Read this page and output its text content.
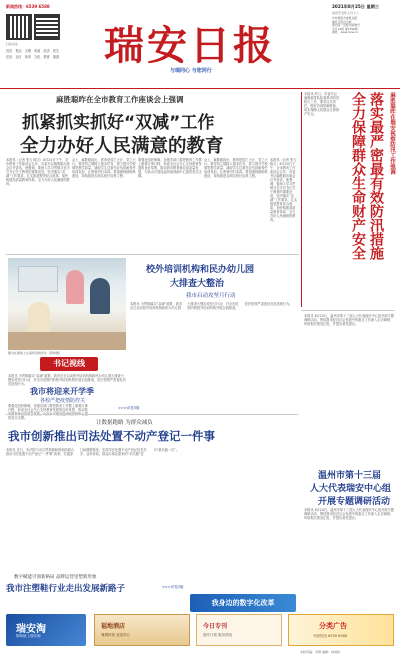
新闻热线：6539 6588
扫码关注
首页 观点 文明 时政 经济 民生
法治 社区 体育 文化 教育 旅游 瑞安日报
与瑞同心 与您同行
2021年8月25日 星期三
农历辛丑年七月十八
中共瑞安市委机关报
瑞安日报社出版
国内统一连续出版物号
今日12版 第7390期
网址：www.rana.cn
麻胜聪昨在全市教育工作座谈会上强调
抓紧抓实抓好“双减”工作
全力办好人民满意的教育
本报讯（记者 张力 陈言）8月24日下午，全市教育工作座谈会召开。市委书记麻胜聪出席会议并讲话，他强调，要深入学习贯彻习近平总书记关于教育的重要论述，坚决落实“双减”工作要求，扎实推进教育综合改革，加快构建高质量教育体系，全力办好人民满意的教育。
会上，麻胜聪指出，教育是国之大计、党之大计。要坚持立德树人根本任务，着力提升学校课堂教学质量，减轻学生过重作业负担和校外培训负担，让教育回归本真。要加强师德师风建设，持续推进名师名校长培养工程。
要强化组织保障，各级各部门要把教育工作摆上重要议事日程，形成全社会关心支持教育发展的良好氛围，推动我市教育事业高质量发展，为高水平建设温州南部副中心提供坚实支撑。
会上，麻胜聪指出，教育是国之大计、党之大计。要坚持立德树人根本任务，着力提升学校课堂教学质量，减轻学生过重作业负担和校外培训负担，让教育回归本真。要加强师德师风建设，持续推进名师名校长培养工程。
本报讯（记者 张力 陈言）8月24日下午，全市教育工作座谈会召开。市委书记麻胜聪出席会议并讲话，他强调，要深入学习贯彻习近平总书记关于教育的重要论述，坚决落实“双减”工作要求，扎实推进教育综合改革，加快构建高质量教育体系，全力办好人民满意的教育。
本报讯 昨日，市委书记麻胜聪带队检查我市防汛防台工作，要求压实责任，做好各项防御准备，切实保障人民群众生命财产安全。	麻胜聪昨在瑞安视察防汛工作强调
落实最严密最有效防汛措施
全力保障群众生命财产安全
图为在课堂上认真听讲的学生（资料图）
校外培训机构和民办幼儿园
大排查大整治
我市启动攻坚月行动
本报讯 为贯彻落实“双减”政策，我市近日启动校外培训机构和民办幼儿园大排查大整治攻坚月行动，对全市范围内的校外培训机构开展全面排查，依法依规严肃查处各类违规行为。
书记视线
本报讯 为贯彻落实“双减”政策，我市近日启动校外培训机构和民办幼儿园大排查大整治攻坚月行动，对全市范围内的校外培训机构开展全面排查，依法依规严肃查处各类违规行为。
我市将迎来开学季
各校严把疫情防控关
要强化组织保障，各级各部门要把教育工作摆上重要议事日程，形成全社会关心支持教育发展的良好氛围，推动我 供坚实支撑。
>>>详见3版
让数据跑路 为群众减负
我市创新推出司法处置不动产登记一件事
本报讯 近日，市法院与市自然资源和规划局联合推出司法处置不动产登记“一件事”改革，打通部门间数据壁垒，实现司法处置不动产登记信息共享、业务协同，群众办事由原来的“多次跑”变为“最多跑一次”。
本报讯 8月24日，温州市第十三届人大代表瑞安中心组开展专题调研活动，围绕我市经济社会发展中的重点工作深入走访调研，听取相关情况汇报，并提出意见建议。
温州市第十三届
人大代表瑞安中心组
开展专题调研活动
本报讯 8月24日，温州市第十三届人大代表瑞安中心组开展专题调研活动，围绕我市经济社会发展中的重点工作深入走访调研，听取相关情况汇报，并提出意见建议。
数字赋能引领新格局 品牌运营里塑新形象
我市注塑鞋行业走出发展新路子	>>>详见2版
我身边的数字化改革
瑞安淘
购物就上瑞安淘
福地酒店
暑期特惠 欢迎预订
今日专刊
瑞安日报 服务热线
分类广告
刊登热线 6539 6588
本版责编：李群 编辑：林雨柯
